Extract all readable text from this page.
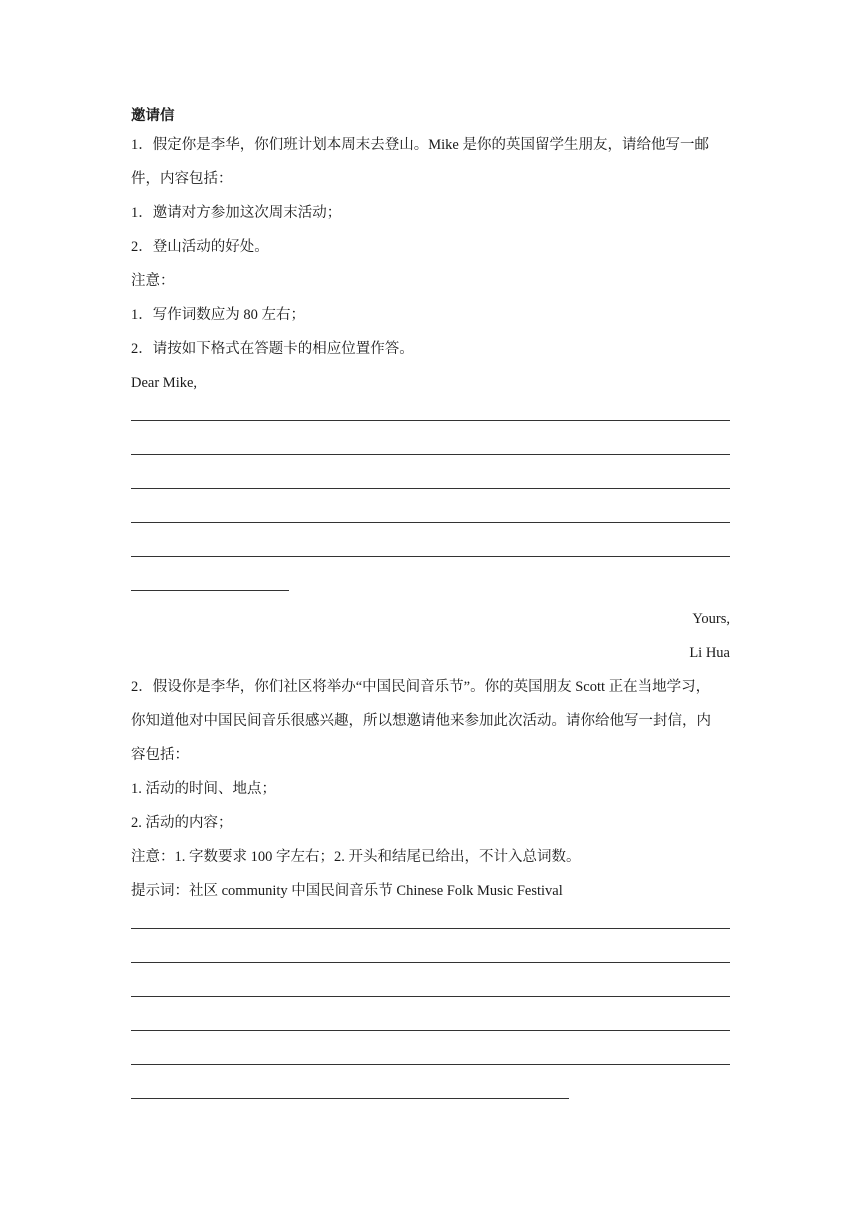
邀请信
1．假定你是李华，你们班计划本周末去登山。Mike 是你的英国留学生朋友，请给他写一邮
件，内容包括：
1．邀请对方参加这次周末活动；
2．登山活动的好处。
注意：
1．写作词数应为 80 左右；
2．请按如下格式在答题卡的相应位置作答。
Dear Mike,
Yours,
Li Hua
2．假设你是李华，你们社区将举办“中国民间音乐节”。你的英国朋友 Scott 正在当地学习，
你知道他对中国民间音乐很感兴趣，所以想邀请他来参加此次活动。请你给他写一封信，内
容包括：
1. 活动的时间、地点；
2. 活动的内容；
注意：1. 字数要求 100 字左右；2. 开头和结尾已给出，不计入总词数。
提示词：社区 community 中国民间音乐节 Chinese Folk Music Festival
